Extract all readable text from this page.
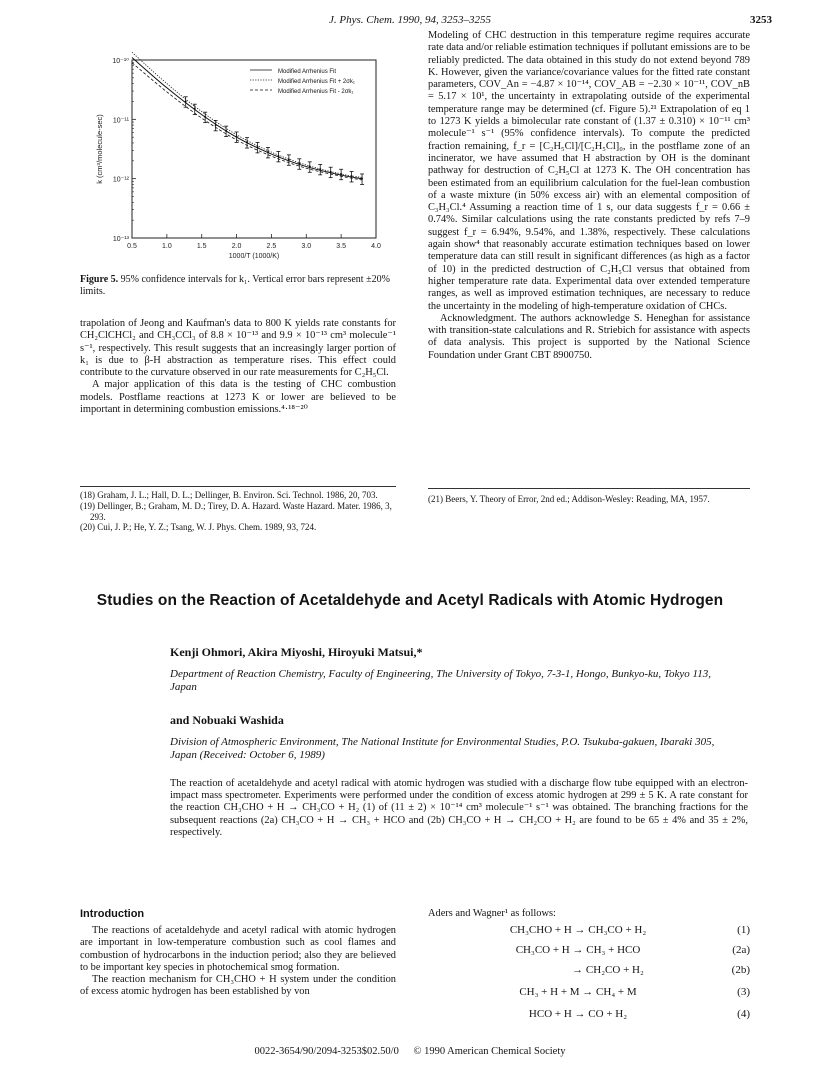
J. Phys. Chem. 1990, 94, 3253–3255	3253
0.5	1.0	1.5	2.0	2.5	3.0	3.5	4.0
10⁻¹⁰
10⁻¹¹
10⁻¹²
10⁻¹³
1000/T (1000/K)
k (cm³/molecule-sec)
Modified Arrhenius Fit
Modified Arrhenius Fit + 2σk₁
Modified Arrhenius Fit - 2σk₁
Figure 5. 95% confidence intervals for k₁. Vertical error bars represent ±20% limits.

trapolation of Jeong and Kaufman's data to 800 K yields rate constants for CH₂ClCHCl₂ and CH₃CCl₃ of 8.8 × 10⁻¹³ and 9.9 × 10⁻¹³ cm³ molecule⁻¹ s⁻¹, respectively. This result suggests that an increasingly larger portion of k₁ is due to β-H abstraction as temperature rises. This effect could contribute to the curvature observed in our rate measurements for C₂H₅Cl.

A major application of this data is the testing of CHC combustion models. Postflame reactions at 1273 K or lower are believed to be important in determining combustion emissions.⁴·¹⁸⁻²⁰

(18) Graham, J. L.; Hall, D. L.; Dellinger, B. Environ. Sci. Technol. 1986, 20, 703.
(19) Dellinger, B.; Graham, M. D.; Tirey, D. A. Hazard. Waste Hazard. Mater. 1986, 3, 293.
(20) Cui, J. P.; He, Y. Z.; Tsang, W. J. Phys. Chem. 1989, 93, 724.

Modeling of CHC destruction in this temperature regime requires accurate rate data and/or reliable estimation techniques if pollutant emissions are to be reliably predicted. The data obtained in this study do not extend beyond 789 K. However, given the variance/covariance values for the fitted rate constant parameters, COV_An = −4.87 × 10⁻¹⁴, COV_AB = −2.30 × 10⁻¹¹, COV_nB = 5.17 × 10¹, the uncertainty in extrapolating outside of the experimental temperature range may be determined (cf. Figure 5).²¹ Extrapolation of eq 1 to 1273 K yields a bimolecular rate constant of (1.37 ± 0.310) × 10⁻¹¹ cm³ molecule⁻¹ s⁻¹ (95% confidence intervals). To compute the predicted fraction remaining, f_r = [C₂H₅Cl]/[C₂H₅Cl]₀, in the postflame zone of an incinerator, we have assumed that H abstraction by OH is the dominant pathway for destruction of C₂H₅Cl at 1273 K. The OH concentration has been estimated from an equilibrium calculation for the fuel-lean combustion of a waste mixture (in 50% excess air) with an elemental composition of C₃H₃Cl.⁴ Assuming a reaction time of 1 s, our data suggests f_r = 0.66 ± 0.74%. Similar calculations using the rate constants predicted by refs 7–9 suggest f_r = 6.94%, 9.54%, and 1.38%, respectively. These calculations again show⁴ that reasonably accurate estimation techniques based on lower temperature data can still result in significant differences (as high as a factor of 10) in the predicted destruction of C₂H₅Cl versus that obtained from higher temperature rate data. Experimental data over extended temperature ranges, as well as improved estimation techniques, are necessary to reduce the uncertainty in the modeling of high-temperature oxidation of CHCs.

Acknowledgment. The authors acknowledge S. Heneghan for assistance with transition-state calculations and R. Striebich for assistance with aspects of data analysis. This project is supported by the National Science Foundation under Grant CBT 8900750.

(21) Beers, Y. Theory of Error, 2nd ed.; Addison-Wesley: Reading, MA, 1957.
Studies on the Reaction of Acetaldehyde and Acetyl Radicals with Atomic Hydrogen
Kenji Ohmori, Akira Miyoshi, Hiroyuki Matsui,*
Department of Reaction Chemistry, Faculty of Engineering, The University of Tokyo, 7-3-1, Hongo, Bunkyo-ku, Tokyo 113, Japan
and Nobuaki Washida
Division of Atmospheric Environment, The National Institute for Environmental Studies, P.O. Tsukuba-gakuen, Ibaraki 305, Japan (Received: October 6, 1989)
The reaction of acetaldehyde and acetyl radical with atomic hydrogen was studied with a discharge flow tube equipped with an electron-impact mass spectrometer. Experiments were performed under the condition of excess atomic hydrogen at 299 ± 5 K. A rate constant for the reaction CH₃CHO + H → CH₃CO + H₂ (1) of (11 ± 2) × 10⁻¹⁴ cm³ molecule⁻¹ s⁻¹ was obtained. The branching fractions for the subsequent reactions (2a) CH₃CO + H → CH₃ + HCO and (2b) CH₃CO + H → CH₂CO + H₂ are found to be 65 ± 4% and 35 ± 2%, respectively.
Introduction

The reactions of acetaldehyde and acetyl radical with atomic hydrogen are important in low-temperature combustion such as cool flames and combustion of hydrocarbons in the induction period; also they are believed to be important key species in photochemical smog formation.

The reaction mechanism for CH₃CHO + H system under the condition of excess atomic hydrogen has been established by von

Aders and Wagner¹ as follows:
CH₃CHO + H → CH₃CO + H₂	(1)
CH₃CO + H → CH₃ + HCO	(2a)
→ CH₂CO + H₂	(2b)
CH₃ + H + M → CH₄ + M	(3)
HCO + H → CO + H₂	(4)
0022-3654/90/2094-3253$02.50/0 © 1990 American Chemical Society
